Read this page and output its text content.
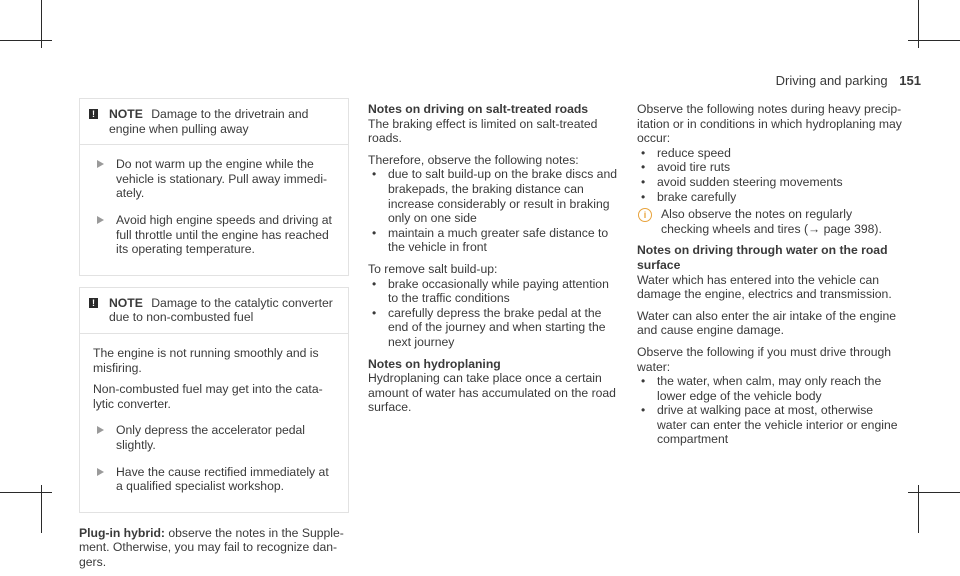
Driving and parking 151
! NOTE Damage to the drivetrain and engine when pulling away
Do not warm up the engine while the vehicle is stationary. Pull away immedi-ately.
Avoid high engine speeds and driving at full throttle until the engine has reached its operating temperature.
! NOTE Damage to the catalytic converter due to non-combusted fuel

The engine is not running smoothly and is misfiring.

Non-combusted fuel may get into the cata-lytic converter.

Only depress the accelerator pedal slightly.
Have the cause rectified immediately at a qualified specialist workshop.

Plug-in hybrid: observe the notes in the Supple-ment. Otherwise, you may fail to recognize dan-gers.

Notes on driving on salt-treated roads

The braking effect is limited on salt-treated roads.

Therefore, observe the following notes:

• due to salt build-up on the brake discs and brakepads, the braking distance can increase considerably or result in braking only on one side
• maintain a much greater safe distance to the vehicle in front

To remove salt build-up:

• brake occasionally while paying attention to the traffic conditions
• carefully depress the brake pedal at the end of the journey and when starting the next journey
Notes on hydroplaning

Hydroplaning can take place once a certain amount of water has accumulated on the road surface.

Observe the following notes during heavy precip-itation or in conditions in which hydroplaning may occur:

• reduce speed
• avoid tire ruts
• avoid sudden steering movements
• brake carefully
i	Also observe the notes on regularly checking wheels and tires (→ page 398).
Notes on driving through water on the road surface

Water which has entered into the vehicle can damage the engine, electrics and transmission.

Water can also enter the air intake of the engine and cause engine damage.

Observe the following if you must drive through water:

• the water, when calm, may only reach the lower edge of the vehicle body
• drive at walking pace at most, otherwise water can enter the vehicle interior or engine compartment
